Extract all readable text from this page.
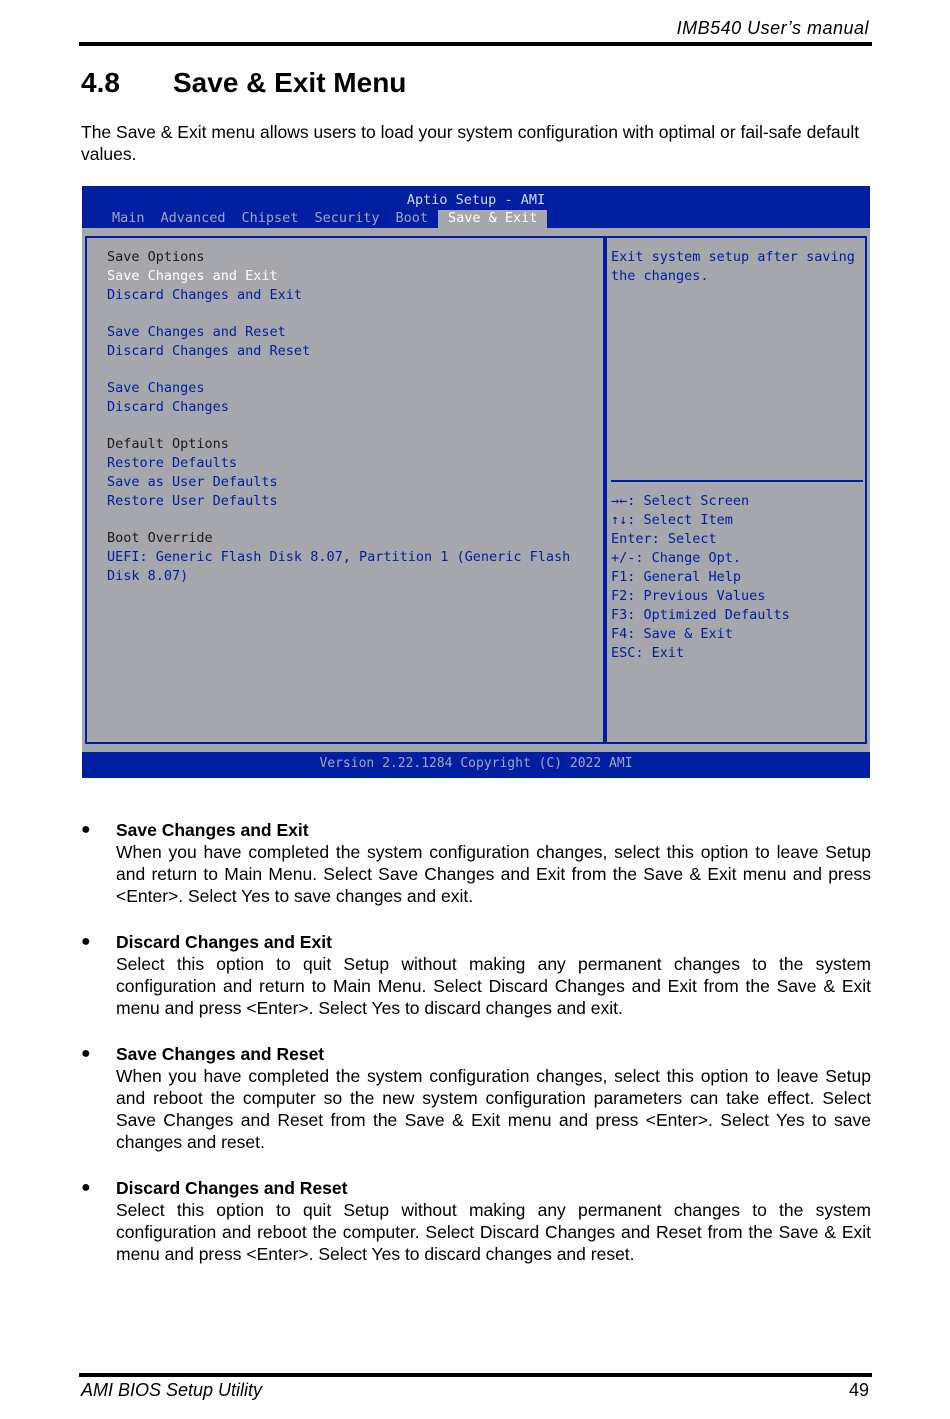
IMB540 User’s manual
4.8	Save & Exit Menu

The Save & Exit menu allows users to load your system configuration with optimal or fail-safe default values.

Aptio Setup - AMI
Main Advanced Chipset Security Boot	Save & Exit
Save Options
Save Changes and Exit
Discard Changes and Exit
Save Changes and Reset
Discard Changes and Reset
Save Changes
Discard Changes
Default Options
Restore Defaults
Save as User Defaults
Restore User Defaults
Boot Override
UEFI: Generic Flash Disk 8.07, Partition 1 (Generic Flash
Disk 8.07)
Exit system setup after saving
the changes.
→←: Select Screen
↑↓: Select Item
Enter: Select
+/-: Change Opt.
F1: General Help
F2: Previous Values
F3: Optimized Defaults
F4: Save & Exit
ESC: Exit
Version 2.22.1284 Copyright (C) 2022 AMI
● Save Changes and Exit
When you have completed the system configuration changes, select this option to leave Setup and return to Main Menu. Select Save Changes and Exit from the Save & Exit menu and press <Enter>. Select Yes to save changes and exit.
● Discard Changes and Exit
Select this option to quit Setup without making any permanent changes to the system configuration and return to Main Menu. Select Discard Changes and Exit from the Save & Exit menu and press <Enter>. Select Yes to discard changes and exit.
● Save Changes and Reset
When you have completed the system configuration changes, select this option to leave Setup and reboot the computer so the new system configuration parameters can take effect. Select Save Changes and Reset from the Save & Exit menu and press <Enter>. Select Yes to save changes and reset.
● Discard Changes and Reset
Select this option to quit Setup without making any permanent changes to the system configuration and reboot the computer. Select Discard Changes and Reset from the Save & Exit menu and press <Enter>. Select Yes to discard changes and reset.
AMI BIOS Setup Utility	49
